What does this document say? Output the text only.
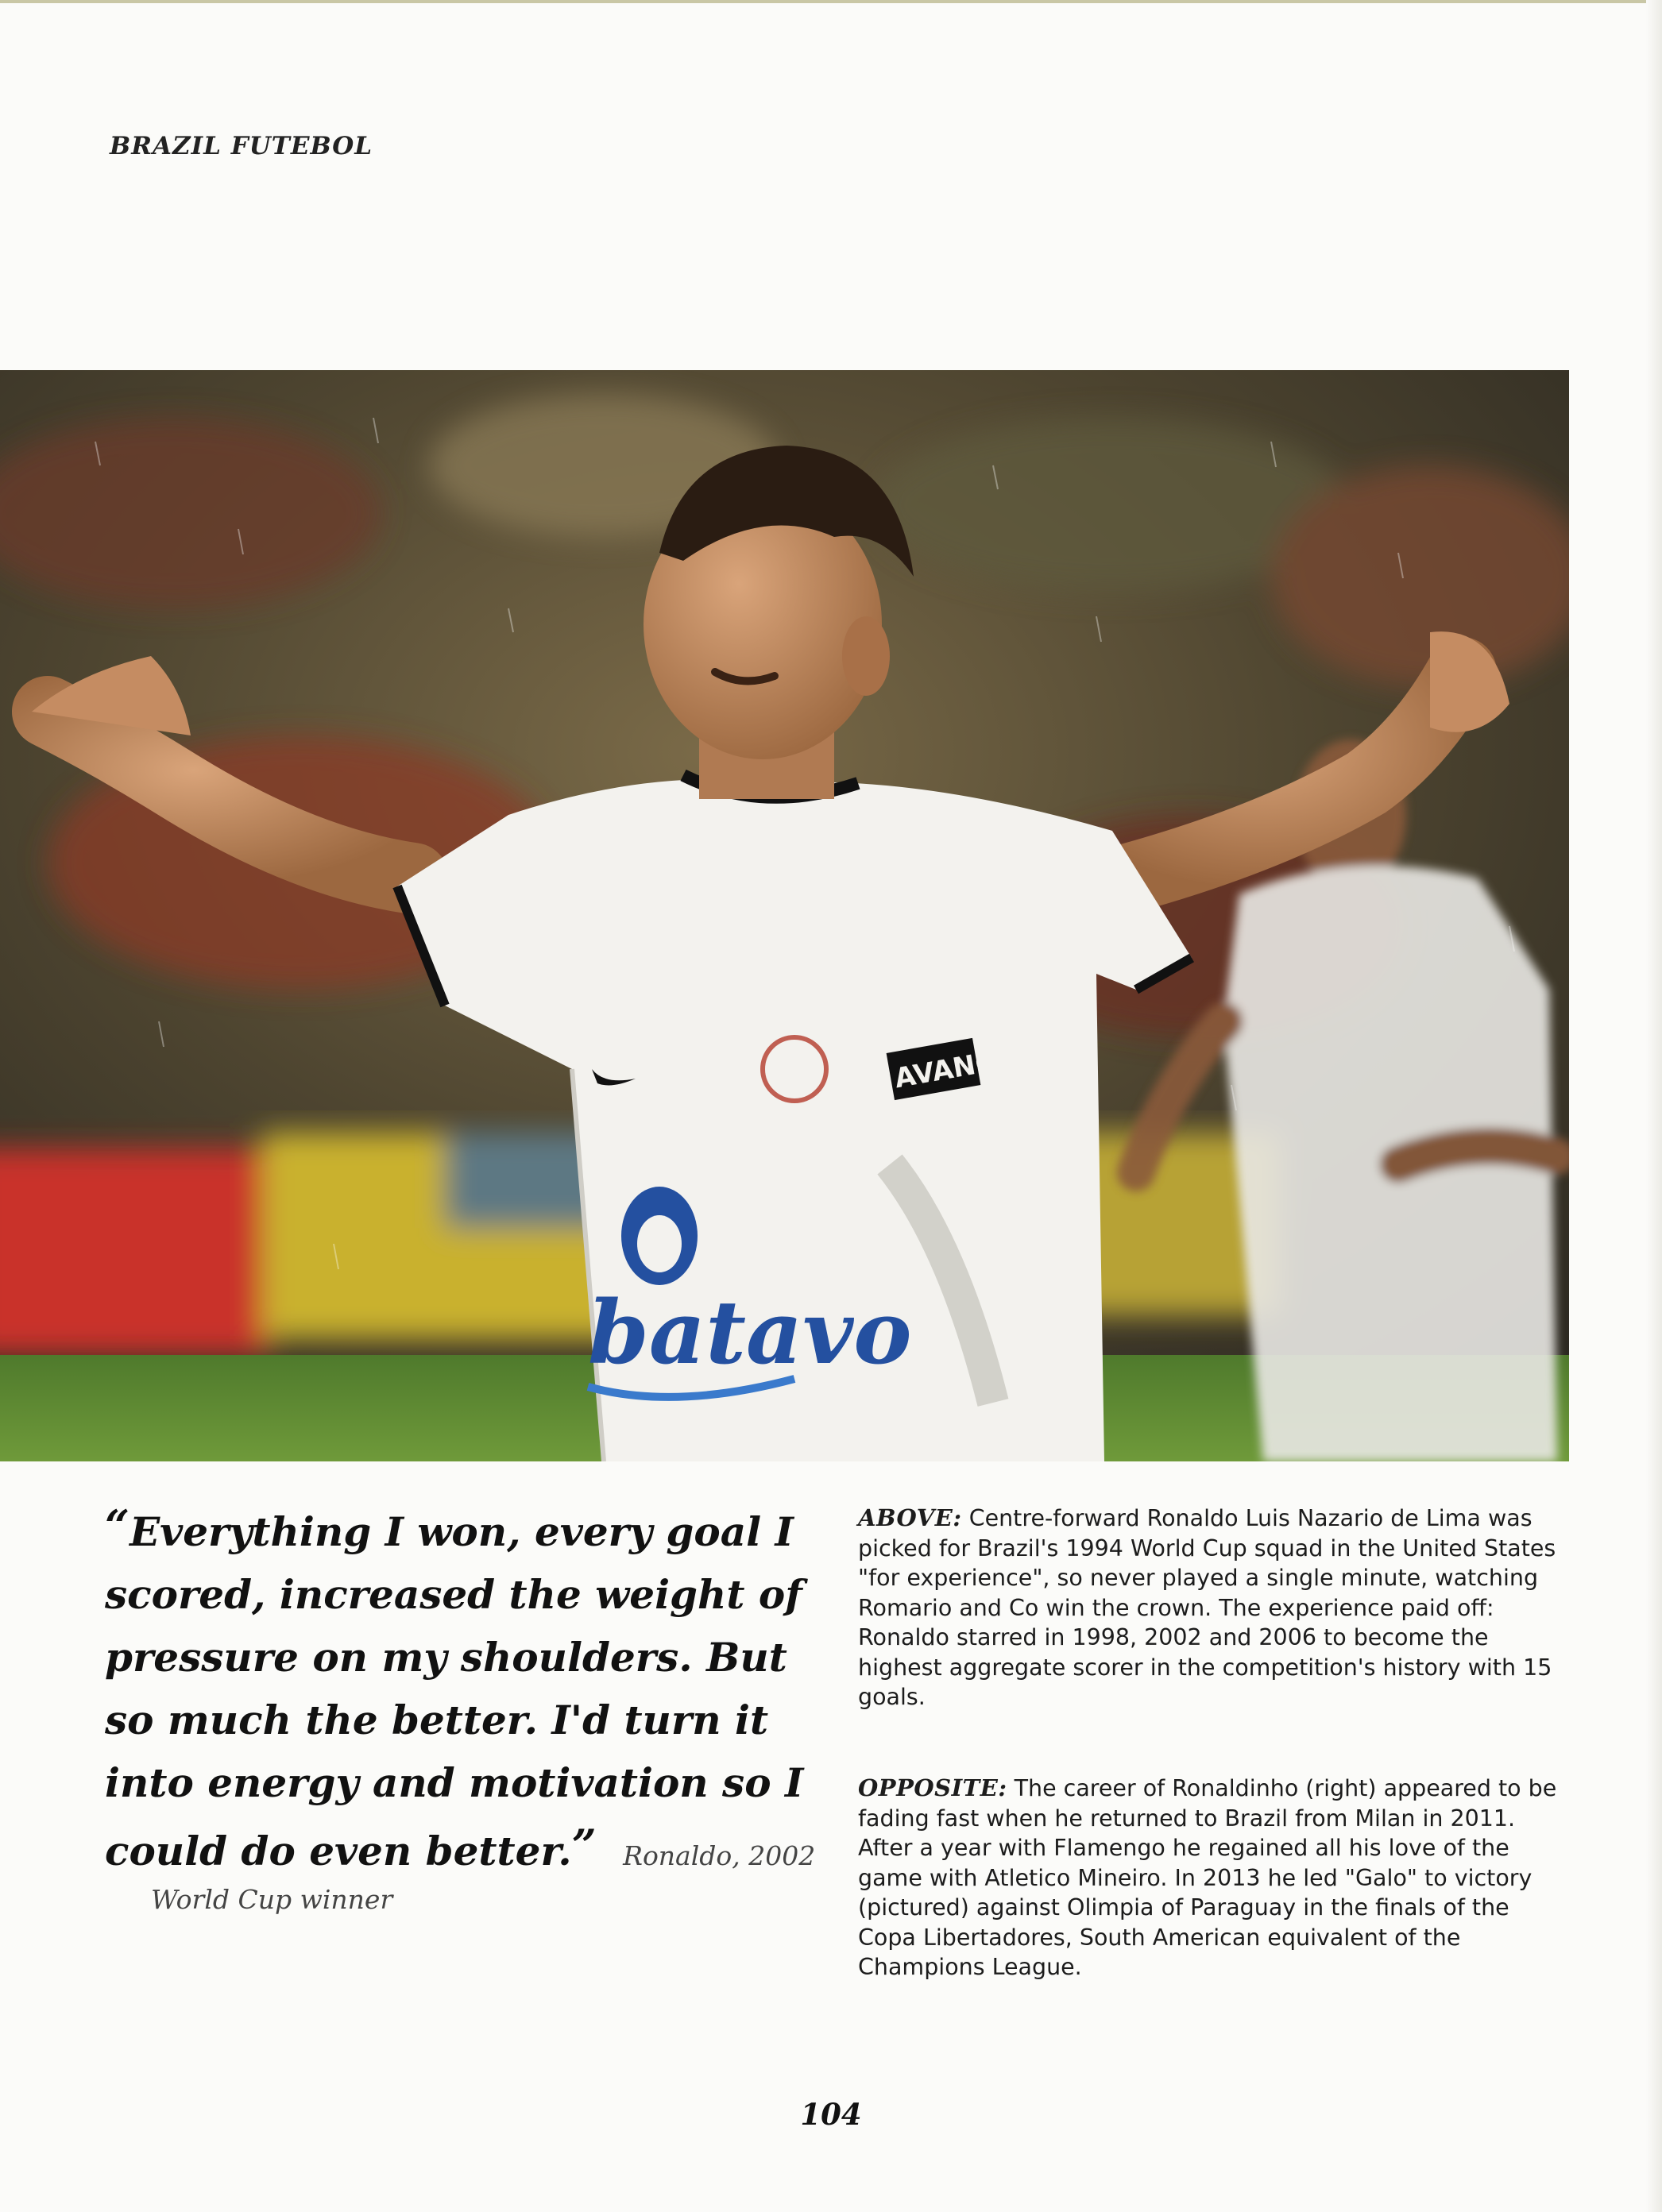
BRAZIL FUTEBOL
batavo
AVANÇ
“Everything I won, every goal I scored, increased the weight of pressure on my shoulders. But so much the better. I'd turn it into energy and motivation so I could do even better.” Ronaldo, 2002
World Cup winner
ABOVE: Centre-forward Ronaldo Luis Nazario de Lima was picked for Brazil's 1994 World Cup squad in the United States "for experience", so never played a single minute, watching Romario and Co win the crown. The experience paid off: Ronaldo starred in 1998, 2002 and 2006 to become the highest aggregate scorer in the competition's history with 15 goals.
OPPOSITE: The career of Ronaldinho (right) appeared to be fading fast when he returned to Brazil from Milan in 2011. After a year with Flamengo he regained all his love of the game with Atletico Mineiro. In 2013 he led "Galo" to victory (pictured) against Olimpia of Paraguay in the finals of the Copa Libertadores, South American equivalent of the Champions League.
104
